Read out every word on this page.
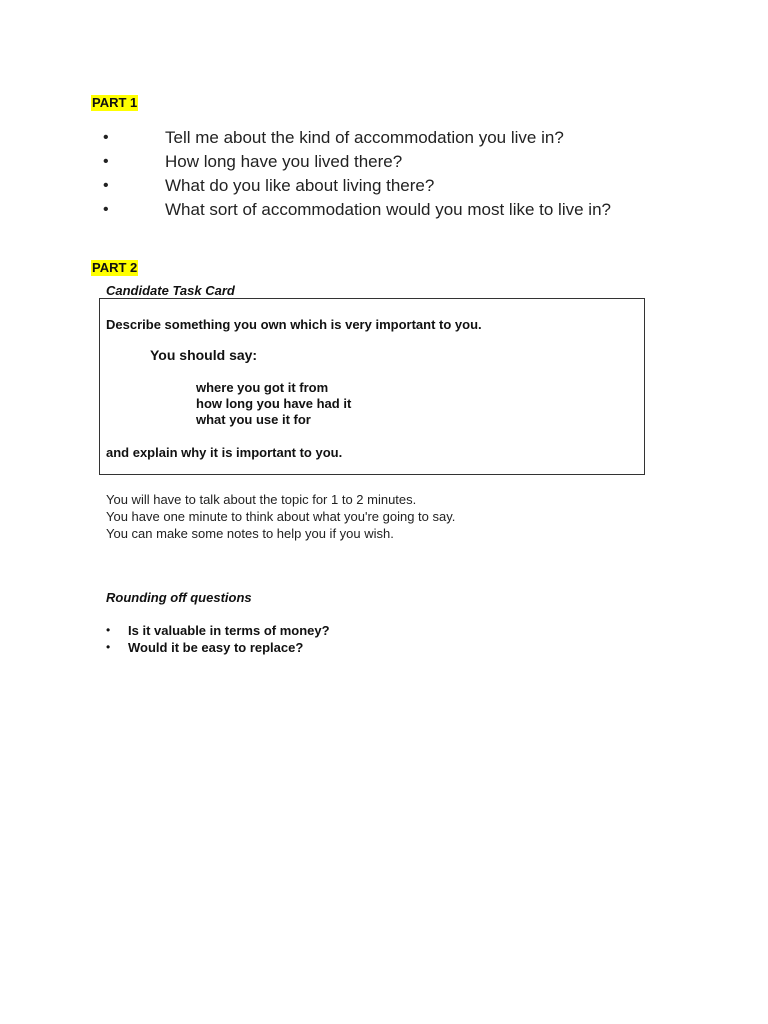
PART 1
•	Tell me about the kind of accommodation you live in?
•	How long have you lived there?
•	What do you like about living there?
•	What sort of accommodation would you most like to live in?
PART 2
Candidate Task Card
Describe something you own which is very important to you.
You should say:
where you got it from
how long you have had it
what you use it for
and explain why it is important to you.
You will have to talk about the topic for 1 to 2 minutes.
You have one minute to think about what you're going to say.
You can make some notes to help you if you wish.
Rounding off questions
• Is it valuable in terms of money?
• Would it be easy to replace?
